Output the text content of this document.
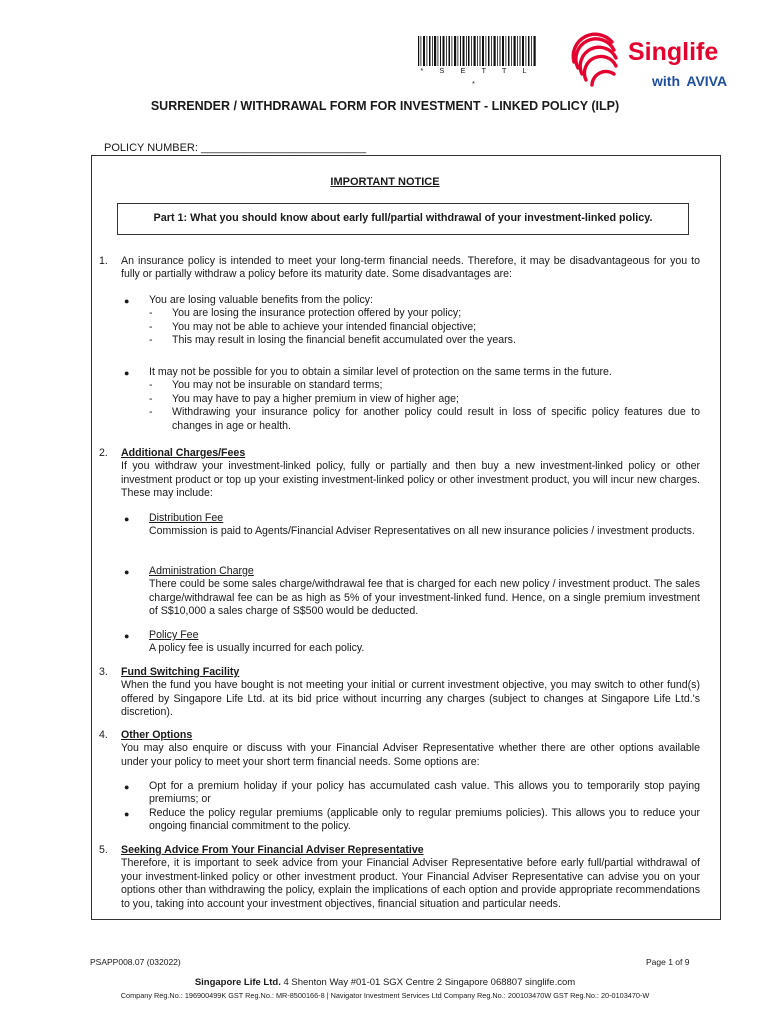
* S E T T L *
Singlife
with AVIVA
SURRENDER / WITHDRAWAL FORM FOR INVESTMENT - LINKED POLICY (ILP)
POLICY NUMBER: ___________________________
IMPORTANT NOTICE
Part 1: What you should know about early full/partial withdrawal of your investment-linked policy.
1.	An insurance policy is intended to meet your long-term financial needs. Therefore, it may be disadvantageous for you to fully or partially withdraw a policy before its maturity date. Some disadvantages are:
●	You are losing valuable benefits from the policy:

-	You are losing the insurance protection offered by your policy;
-	You may not be able to achieve your intended financial objective;
-	This may result in losing the financial benefit accumulated over the years.
●	It may not be possible for you to obtain a similar level of protection on the same terms in the future.

-	You may not be insurable on standard terms;
-	You may have to pay a higher premium in view of higher age;
-	Withdrawing your insurance policy for another policy could result in loss of specific policy features due to changes in age or health.
2.	Additional Charges/Fees

If you withdraw your investment-linked policy, fully or partially and then buy a new investment-linked policy or other investment product or top up your existing investment-linked policy or other investment product, you will incur new charges. These may include:

●	Distribution Fee

Commission is paid to Agents/Financial Adviser Representatives on all new insurance policies / investment products.

●	Administration Charge

There could be some sales charge/withdrawal fee that is charged for each new policy / investment product. The sales charge/withdrawal fee can be as high as 5% of your investment-linked fund. Hence, on a single premium investment of S$10,000 a sales charge of S$500 would be deducted.

●	Policy Fee

A policy fee is usually incurred for each policy.

3.	Fund Switching Facility

When the fund you have bought is not meeting your initial or current investment objective, you may switch to other fund(s) offered by Singapore Life Ltd. at its bid price without incurring any charges (subject to changes at Singapore Life Ltd.'s discretion).

4.	Other Options

You may also enquire or discuss with your Financial Adviser Representative whether there are other options available under your policy to meet your short term financial needs. Some options are:

●	Opt for a premium holiday if your policy has accumulated cash value. This allows you to temporarily stop paying premiums; or
●	Reduce the policy regular premiums (applicable only to regular premiums policies). This allows you to reduce your ongoing financial commitment to the policy.
5.	Seeking Advice From Your Financial Adviser Representative

Therefore, it is important to seek advice from your Financial Adviser Representative before early full/partial withdrawal of your investment-linked policy or other investment product. Your Financial Adviser Representative can advise you on your options other than withdrawing the policy, explain the implications of each option and provide appropriate recommendations to you, taking into account your investment objectives, financial situation and particular needs.

PSAPP008.07 (032022)	Page 1 of 9
Singapore Life Ltd. 4 Shenton Way #01-01 SGX Centre 2 Singapore 068807 singlife.com
Company Reg.No.: 196900499K GST Reg.No.: MR-8500166-8 | Navigator Investment Services Ltd Company Reg.No.: 200103470W GST Reg.No.: 20-0103470-W
